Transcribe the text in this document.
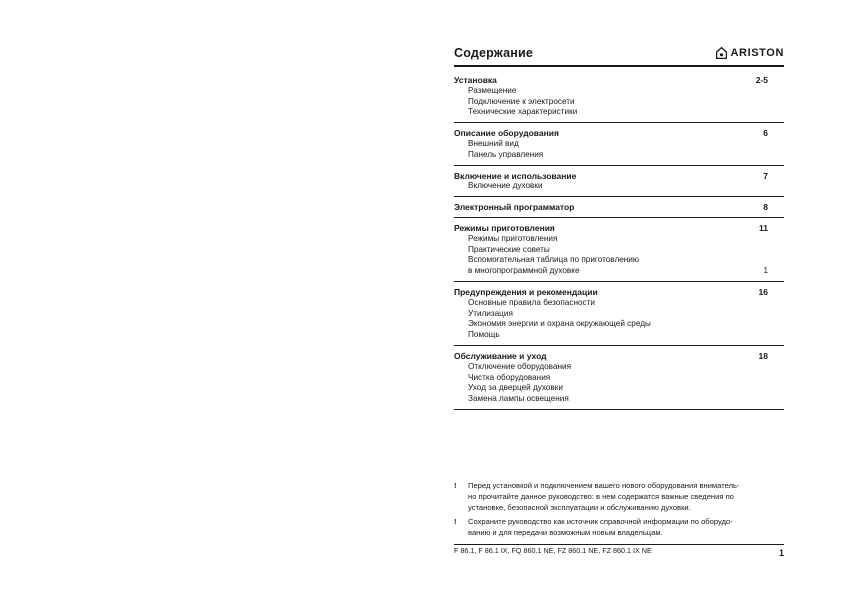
Содержание	ARISTON
Установка	2-5
Размещение
Подключение к электросети
Технические характеристики
Описание оборудования	6
Внешний вид
Панель управления
Включение и использование	7
Включение духовки
Электронный программатор	8
Режимы приготовления	11
Режимы приготовления
Практические советы
Вспомогательная таблица по приготовлению
в многопрограммной духовке	1
Предупреждения и рекомендации	16
Основные правила безопасности
Утилизация
Экономия энергии и охрана окружающей среды
Помощь
Обслуживание и уход	18
Отключение оборудования
Чистка оборудования
Уход за дверцей духовки
Замена лампы освещения
! Перед установкой и подключением вашего нового оборудования вниматель-
но прочитайте данное руководство: в нем содержатся важные сведения по
установке, безопасной эксплуатации и обслуживанию духовки.
! Сохраните руководство как источник справочной информации по оборудо-
ванию и для передачи возможным новым владельцам.
F 86.1, F 86.1 IX, FQ 860.1 NE, FZ 860.1 NE, FZ 860.1 IX NE	1
